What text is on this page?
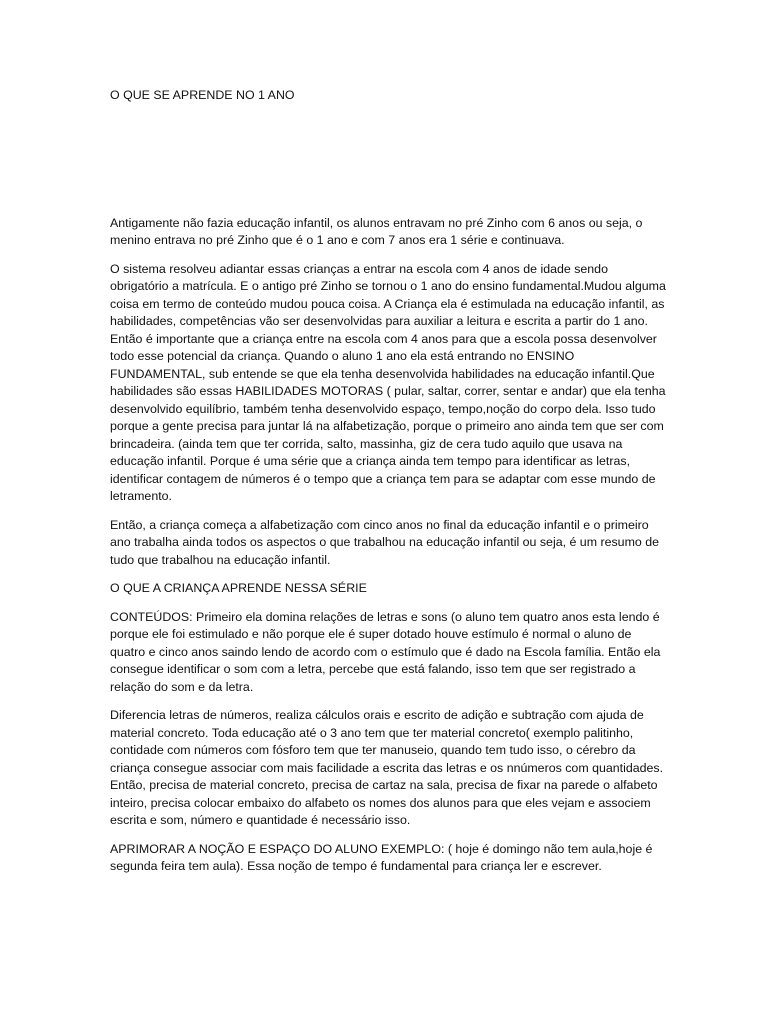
O QUE SE APRENDE NO 1 ANO

Antigamente não fazia educação infantil, os alunos entravam no pré Zinho com 6 anos ou seja, o menino entrava no pré Zinho que é o 1 ano e com 7 anos era 1 série e continuava.

O sistema resolveu adiantar essas crianças a entrar na escola com 4 anos de idade sendo obrigatório a matrícula. E o antigo pré Zinho se tornou o 1 ano do ensino fundamental.Mudou alguma coisa em termo de conteúdo mudou pouca coisa. A Criança ela é estimulada na educação infantil, as habilidades, competências vão ser desenvolvidas para auxiliar a leitura e escrita a partir do 1 ano. Então é importante que a criança entre na escola com 4 anos para que a escola possa desenvolver todo esse potencial da criança. Quando o aluno 1 ano ela está entrando no ENSINO FUNDAMENTAL, sub entende se que ela tenha desenvolvida habilidades na educação infantil.Que habilidades são essas HABILIDADES MOTORAS ( pular, saltar, correr, sentar e andar) que ela tenha desenvolvido equilíbrio, também tenha desenvolvido espaço, tempo,noção do corpo dela. Isso tudo porque a gente precisa para juntar lá na alfabetização, porque o primeiro ano ainda tem que ser com brincadeira. (ainda tem que ter corrida, salto, massinha, giz de cera tudo aquilo que usava na educação infantil. Porque é uma série que a criança ainda tem tempo para identificar as letras, identificar contagem de números é o tempo que a criança tem para se adaptar com esse mundo de letramento.

Então, a criança começa a alfabetização com cinco anos no final da educação infantil e o primeiro ano trabalha ainda todos os aspectos o que trabalhou na educação infantil ou seja, é um resumo de tudo que trabalhou na educação infantil.

O QUE A CRIANÇA APRENDE NESSA SÉRIE

CONTEÚDOS: Primeiro ela domina relações de letras e sons (o aluno tem quatro anos esta lendo é porque ele foi estimulado e não porque ele é super dotado houve estímulo é normal o aluno de quatro e cinco anos saindo lendo de acordo com o estímulo que é dado na Escola família. Então ela consegue identificar o som com a letra, percebe que está falando, isso tem que ser registrado a relação do som e da letra.

Diferencia letras de números, realiza cálculos orais e escrito de adição e subtração com ajuda de material concreto. Toda educação até o 3 ano tem que ter material concreto( exemplo palitinho, contidade com números com fósforo tem que ter manuseio, quando tem tudo isso, o cérebro da criança consegue associar com mais facilidade a escrita das letras e os nnúmeros com quantidades. Então, precisa de material concreto, precisa de cartaz na sala, precisa de fixar na parede o alfabeto inteiro, precisa colocar embaixo do alfabeto os nomes dos alunos para que eles vejam e associem escrita e som, número e quantidade é necessário isso.

APRIMORAR A NOÇÃO E ESPAÇO DO ALUNO EXEMPLO: ( hoje é domingo não tem aula,hoje é segunda feira tem aula). Essa noção de tempo é fundamental para criança ler e escrever.
